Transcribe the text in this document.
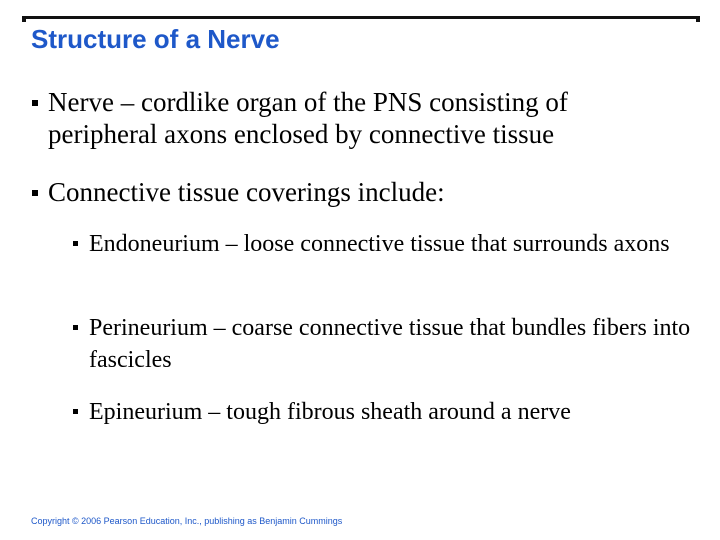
Structure of a Nerve
Nerve – cordlike organ of the PNS consisting of peripheral axons enclosed by connective tissue
Connective tissue coverings include:
Endoneurium – loose connective tissue that surrounds axons
Perineurium – coarse connective tissue that bundles fibers into fascicles
Epineurium – tough fibrous sheath around a nerve
Copyright © 2006 Pearson Education, Inc., publishing as Benjamin Cummings
